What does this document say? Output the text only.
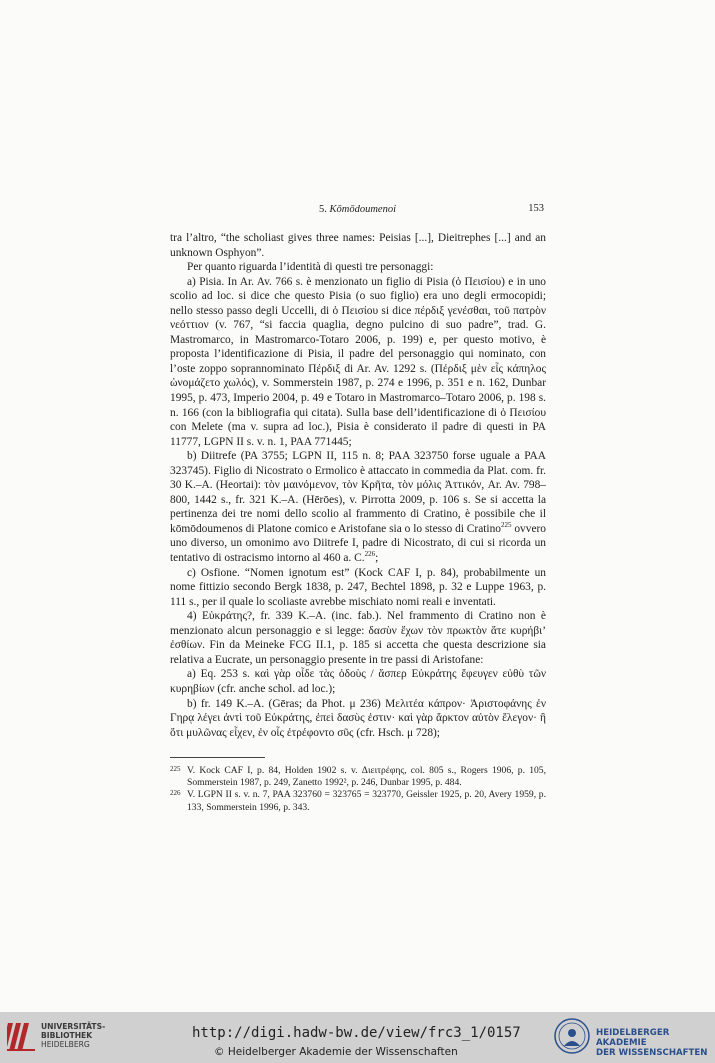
5. Kōmōdoumenoi	153

tra l’altro, “the scholiast gives three names: Peisias [...], Dieitrephes [...] and an unknown Osphyon”.

Per quanto riguarda l’identità di questi tre personaggi:

a) Pisia. In Ar. Av. 766 s. è menzionato un figlio di Pisia (ὁ Πεισίου) e in uno scolio ad loc. si dice che questo Pisia (o suo figlio) era uno degli ermocopidi; nello stesso passo degli Uccelli, di ὁ Πεισίου si dice πέρδιξ γενέσθαι, τοῦ πατρὸν νεόττιον (v. 767, “si faccia quaglia, degno pulcino di suo padre”, trad. G. Mastromarco, in Mastromarco-Totaro 2006, p. 199) e, per questo motivo, è proposta l’identificazione di Pisia, il padre del personaggio qui nominato, con l’oste zoppo soprannominato Πέρδιξ di Ar. Av. 1292 s. (Πέρδιξ μὲν εἷς κάπηλος ὠνομάζετο χωλός), v. Sommerstein 1987, p. 274 e 1996, p. 351 e n. 162, Dunbar 1995, p. 473, Imperio 2004, p. 49 e Totaro in Mastromarco–Totaro 2006, p. 198 s. n. 166 (con la bibliografia qui citata). Sulla base dell’identificazione di ὁ Πεισίου con Melete (ma v. supra ad loc.), Pisia è considerato il padre di questi in PA 11777, LGPN II s. v. n. 1, PAA 771445;

b) Diitrefe (PA 3755; LGPN II, 115 n. 8; PAA 323750 forse uguale a PAA 323745). Figlio di Nicostrato o Ermolico è attaccato in commedia da Plat. com. fr. 30 K.–A. (Heortai): τὸν μαινόμενον, τὸν Κρῆτα, τὸν μόλις Ἀττικόν, Ar. Av. 798–800, 1442 s., fr. 321 K.–A. (Hērōes), v. Pirrotta 2009, p. 106 s. Se si accetta la pertinenza dei tre nomi dello scolio al frammento di Cratino, è possibile che il kōmōdoumenos di Platone comico e Aristofane sia o lo stesso di Cratino$^{225}$ ovvero uno diverso, un omonimo avo Diitrefe I, padre di Nicostrato, di cui si ricorda un tentativo di ostracismo intorno al 460 a. C.$^{226}$;

c) Osfione. “Nomen ignotum est” (Kock CAF I, p. 84), probabilmente un nome fittizio secondo Bergk 1838, p. 247, Bechtel 1898, p. 32 e Luppe 1963, p. 111 s., per il quale lo scoliaste avrebbe mischiato nomi reali e inventati.

4) Εὐκράτης?, fr. 339 K.–A. (inc. fab.). Nel frammento di Cratino non è menzionato alcun personaggio e si legge: δασὺν ἔχων τὸν πρωκτὸν ἅτε κυρήβι’ ἐσθίων. Fin da Meineke FCG II.1, p. 185 si accetta che questa descrizione sia relativa a Eucrate, un personaggio presente in tre passi di Aristofane:

a) Eq. 253 s. καὶ γὰρ οἶδε τὰς ὁδοὺς / ἅσπερ Εὐκράτης ἔφευγεν εὐθὺ τῶν κυρηβίων (cfr. anche schol. ad loc.);

b) fr. 149 K.–A. (Gēras; da Phot. μ 236) Μελιτέα κάπρον· Ἀριστοφάνης ἐν Γηρᾳ λέγει ἀντὶ τοῦ Εὐκράτης, ἐπεὶ δασὺς ἐστιν· καὶ γὰρ ἄρκτον αὐτὸν ἔλεγον· ἢ ὅτι μυλῶνας εἶχεν, ἐν οἷς ἐτρέφοντο σῦς (cfr. Hsch. μ 728);

225 V. Kock CAF I, p. 84, Holden 1902 s. v. Διειτρέφης, col. 805 s., Rogers 1906, p. 105, Sommerstein 1987, p. 249, Zanetto 1992², p. 246, Dunbar 1995, p. 484.
226 V. LGPN II s. v. n. 7, PAA 323760 = 323765 = 323770, Geissler 1925, p. 20, Avery 1959, p. 133, Sommerstein 1996, p. 343.
UNIVERSITÄTS-
BIBLIOTHEK
HEIDELBERG
http://digi.hadw-bw.de/view/frc3_1/0157
© Heidelberger Akademie der Wissenschaften
HEIDELBERGER AKADEMIE
DER WISSENSCHAFTEN
